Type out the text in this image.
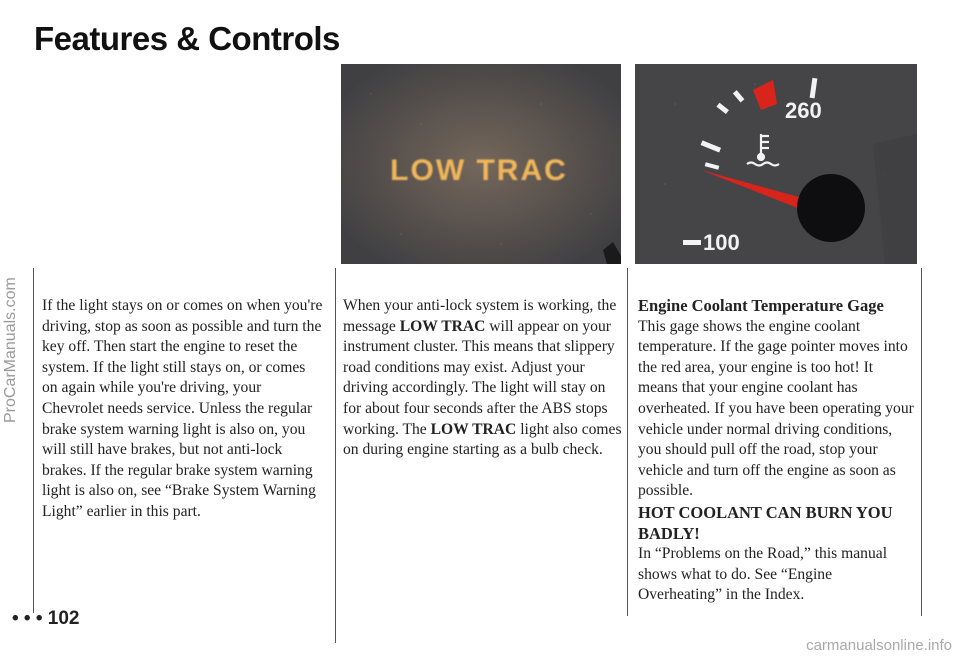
Features & Controls
ProCarManuals.com If the light stays on or comes on when you're driving, stop as soon as possible and turn the key off. Then start the engine to reset the system. If the light still stays on, or comes on again while you're driving, your Chevrolet needs service. Unless the regular brake system warning light is also on, you will still have brakes, but not anti-lock brakes. If the regular brake system warning light is also on, see “Brake System Warning Light” earlier in this part.

LOW TRAC
260
100

When your anti-lock system is working, the message LOW TRAC will appear on your instrument cluster. This means that slippery road conditions may exist. Adjust your driving accordingly. The light will stay on for about four seconds after the ABS stops working. The LOW TRAC light also comes on during engine starting as a bulb check.

Engine Coolant Temperature Gage

This gage shows the engine coolant temperature. If the gage pointer moves into the red area, your engine is too hot! It means that your engine coolant has overheated. If you have been operating your vehicle under normal driving conditions, you should pull off the road, stop your vehicle and turn off the engine as soon as possible.

HOT COOLANT CAN BURN YOU BADLY!

In “Problems on the Road,” this manual shows what to do. See “Engine Overheating” in the Index.

• • • 102

carmanualsonline.info
